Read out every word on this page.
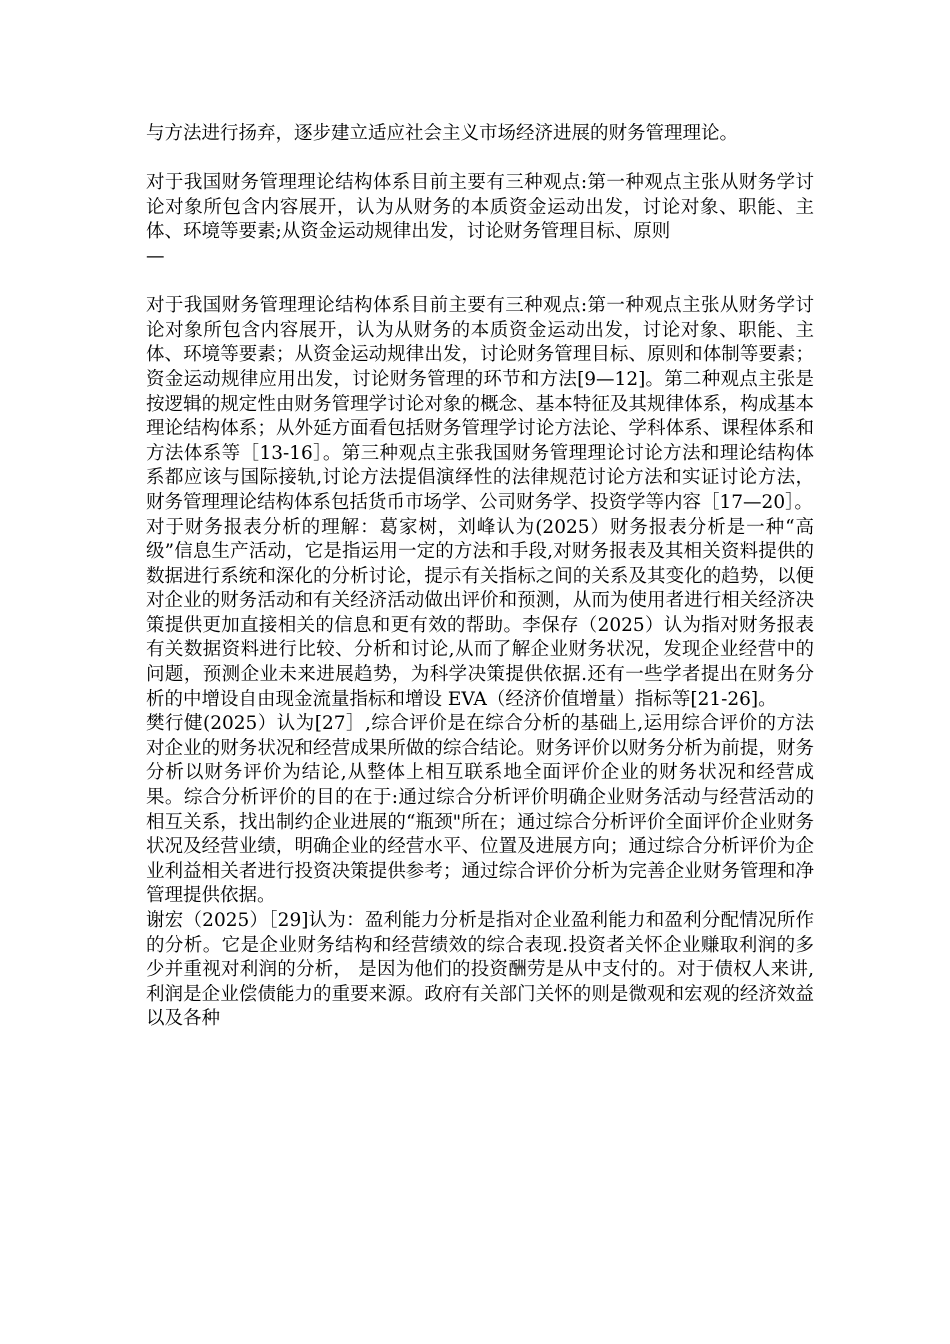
与方法进行扬弃，逐步建立适应社会主义市场经济进展的财务管理理论。

对于我国财务管理理论结构体系目前主要有三种观点:第一种观点主张从财务学讨论对象所包含内容展开，认为从财务的本质资金运动出发，讨论对象、职能、主体、环境等要素;从资金运动规律出发，讨论财务管理目标、原则

—

对于我国财务管理理论结构体系目前主要有三种观点:第一种观点主张从财务学讨论对象所包含内容展开，认为从财务的本质资金运动出发，讨论对象、职能、主体、环境等要素；从资金运动规律出发，讨论财务管理目标、原则和体制等要素；资金运动规律应用出发，讨论财务管理的环节和方法[9—12]。第二种观点主张是按逻辑的规定性由财务管理学讨论对象的概念、基本特征及其规律体系，构成基本理论结构体系；从外延方面看包括财务管理学讨论方法论、学科体系、课程体系和方法体系等［13-16］。第三种观点主张我国财务管理理论讨论方法和理论结构体系都应该与国际接轨,讨论方法提倡演绎性的法律规范讨论方法和实证讨论方法，财务管理理论结构体系包括货币市场学、公司财务学、投资学等内容［17—20］。

对于财务报表分析的理解：葛家树，刘峰认为(2025）财务报表分析是一种“高级”信息生产活动，它是指运用一定的方法和手段,对财务报表及其相关资料提供的数据进行系统和深化的分析讨论，提示有关指标之间的关系及其变化的趋势，以便对企业的财务活动和有关经济活动做出评价和预测，从而为使用者进行相关经济决策提供更加直接相关的信息和更有效的帮助。李保存（2025）认为指对财务报表有关数据资料进行比较、分析和讨论,从而了解企业财务状况，发现企业经营中的问题，预测企业未来进展趋势，为科学决策提供依据.还有一些学者提出在财务分析的中增设自由现金流量指标和增设 EVA（经济价值增量）指标等[21-26]。

樊行健(2025）认为[27］,综合评价是在综合分析的基础上,运用综合评价的方法对企业的财务状况和经营成果所做的综合结论。财务评价以财务分析为前提，财务分析以财务评价为结论,从整体上相互联系地全面评价企业的财务状况和经营成果。综合分析评价的目的在于:通过综合分析评价明确企业财务活动与经营活动的相互关系，找出制约企业进展的“瓶颈"所在；通过综合分析评价全面评价企业财务状况及经营业绩，明确企业的经营水平、位置及进展方向；通过综合分析评价为企业利益相关者进行投资决策提供参考；通过综合评价分析为完善企业财务管理和净管理提供依据。

谢宏（2025）［29]认为：盈利能力分析是指对企业盈利能力和盈利分配情况所作的分析。它是企业财务结构和经营绩效的综合表现.投资者关怀企业赚取利润的多少并重视对利润的分析， 是因为他们的投资酬劳是从中支付的。对于债权人来讲,利润是企业偿债能力的重要来源。政府有关部门关怀的则是微观和宏观的经济效益以及各种
